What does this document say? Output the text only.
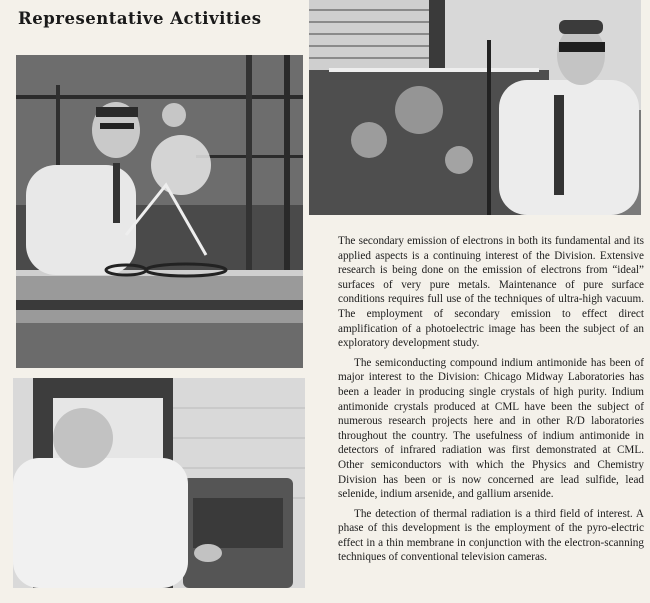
Representative Activities

The secondary emission of electrons in both its fundamental and its applied aspects is a continuing interest of the Division. Extensive research is being done on the emission of electrons from “ideal” surfaces of very pure metals. Maintenance of pure surface conditions requires full use of the techniques of ultra-high vacuum. The employment of secondary emission to effect direct amplification of a photoelectric image has been the subject of an exploratory development study.

The semiconducting compound indium antimonide has been of major interest to the Division: Chicago Midway Laboratories has been a leader in producing single crystals of high purity. Indium antimonide crystals produced at CML have been the subject of numerous research projects here and in other R/D laboratories throughout the country. The usefulness of indium antimonide in detectors of infrared radiation was first demonstrated at CML. Other semiconductors with which the Physics and Chemistry Division has been or is now concerned are lead sulfide, lead selenide, indium arsenide, and gallium arsenide.

The detection of thermal radiation is a third field of interest. A phase of this development is the employment of the pyro-electric effect in a thin membrane in conjunction with the electron-scanning techniques of conventional television cameras.
